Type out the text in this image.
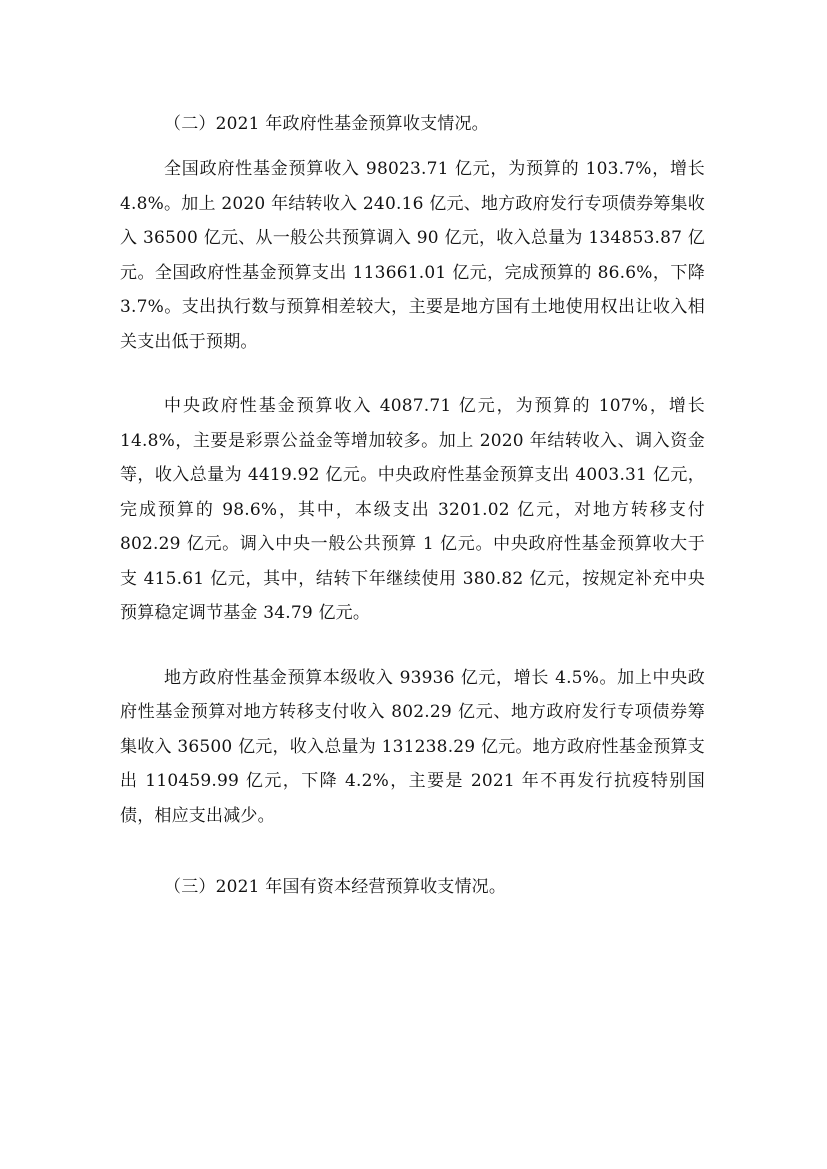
（二）2021 年政府性基金预算收支情况。

全国政府性基金预算收入 98023.71 亿元，为预算的 103.7%，增长 4.8%。加上 2020 年结转收入 240.16 亿元、地方政府发行专项债券筹集收入 36500 亿元、从一般公共预算调入 90 亿元，收入总量为 134853.87 亿元。全国政府性基金预算支出 113661.01 亿元，完成预算的 86.6%，下降 3.7%。支出执行数与预算相差较大，主要是地方国有土地使用权出让收入相关支出低于预期。

中央政府性基金预算收入 4087.71 亿元，为预算的 107%，增长 14.8%，主要是彩票公益金等增加较多。加上 2020 年结转收入、调入资金等，收入总量为 4419.92 亿元。中央政府性基金预算支出 4003.31 亿元，完成预算的 98.6%，其中，本级支出 3201.02 亿元，对地方转移支付 802.29 亿元。调入中央一般公共预算 1 亿元。中央政府性基金预算收大于支 415.61 亿元，其中，结转下年继续使用 380.82 亿元，按规定补充中央预算稳定调节基金 34.79 亿元。

地方政府性基金预算本级收入 93936 亿元，增长 4.5%。加上中央政府性基金预算对地方转移支付收入 802.29 亿元、地方政府发行专项债券筹集收入 36500 亿元，收入总量为 131238.29 亿元。地方政府性基金预算支出 110459.99 亿元，下降 4.2%，主要是 2021 年不再发行抗疫特别国债，相应支出减少。

（三）2021 年国有资本经营预算收支情况。
